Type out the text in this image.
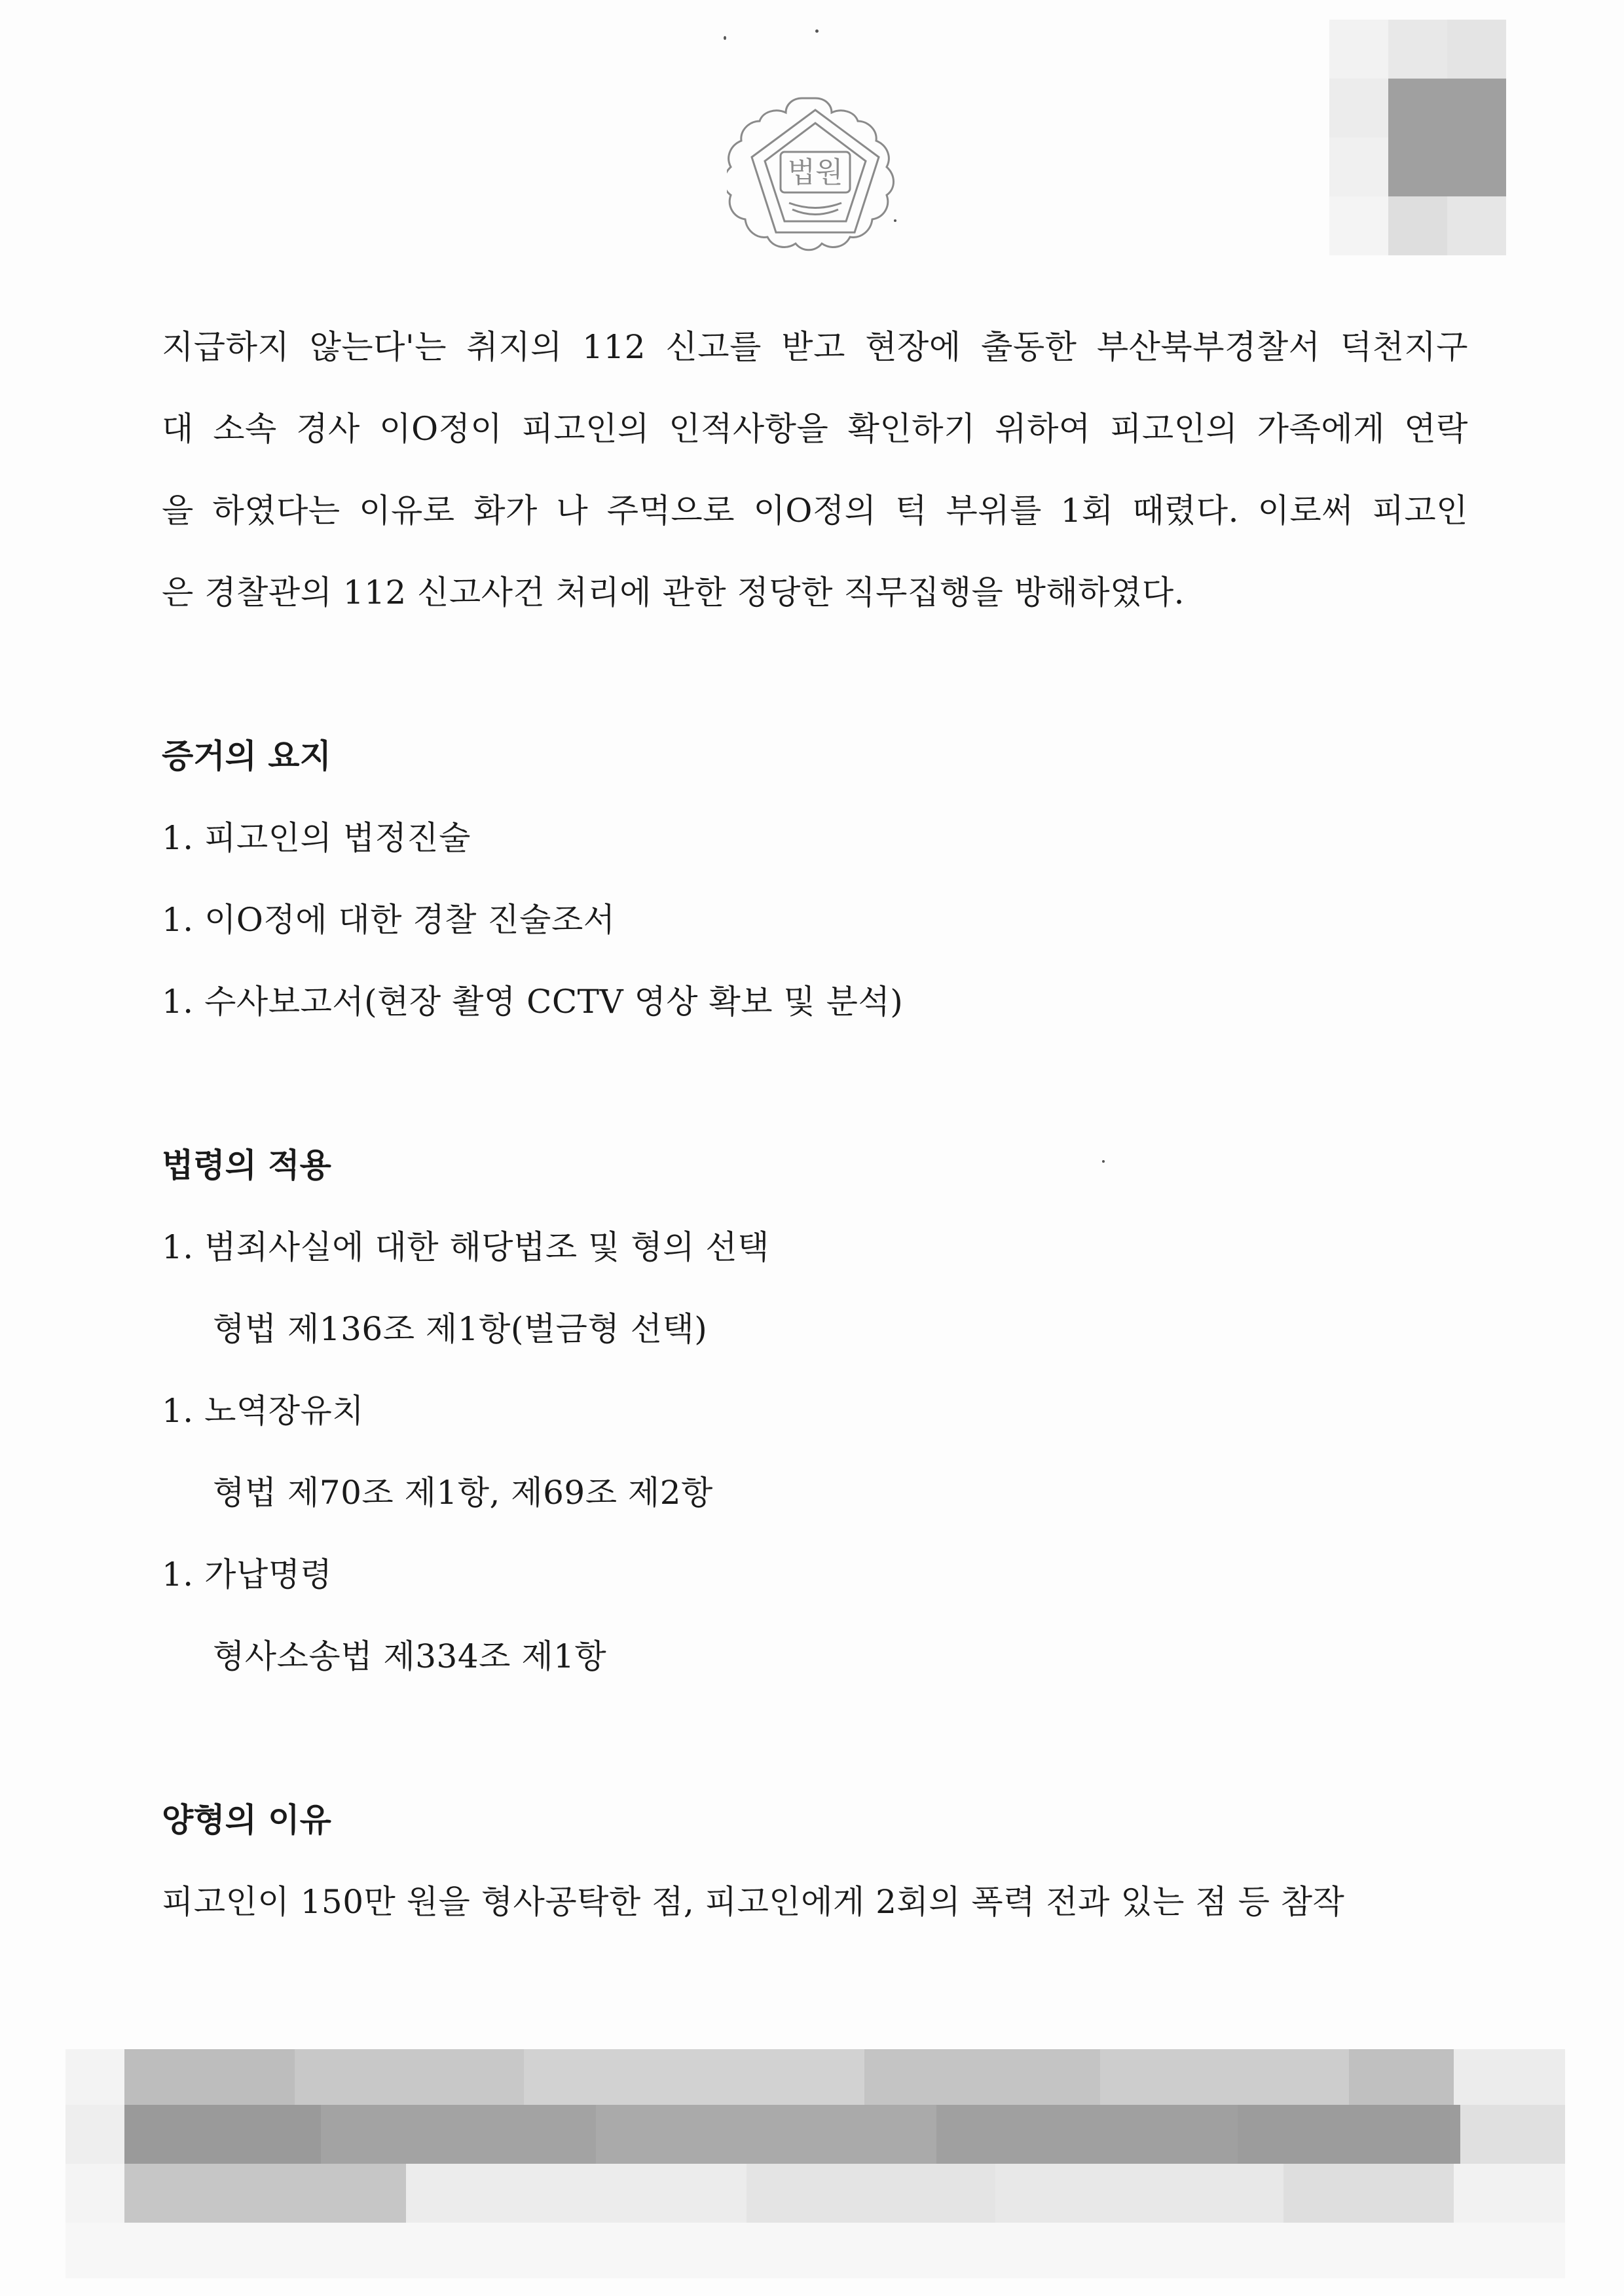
법원
지급하지 않는다'는 취지의 112 신고를 받고 현장에 출동한 부산북부경찰서 덕천지구
대 소속 경사 이O정이 피고인의 인적사항을 확인하기 위하여 피고인의 가족에게 연락
을 하였다는 이유로 화가 나 주먹으로 이O정의 턱 부위를 1회 때렸다. 이로써 피고인
은 경찰관의 112 신고사건 처리에 관한 정당한 직무집행을 방해하였다.
증거의 요지
1. 피고인의 법정진술
1. 이O정에 대한 경찰 진술조서
1. 수사보고서(현장 촬영 CCTV 영상 확보 및 분석)
법령의 적용
1. 범죄사실에 대한 해당법조 및 형의 선택
형법 제136조 제1항(벌금형 선택)
1. 노역장유치
형법 제70조 제1항, 제69조 제2항
1. 가납명령
형사소송법 제334조 제1항
양형의 이유
피고인이 150만 원을 형사공탁한 점, 피고인에게 2회의 폭력 전과 있는 점 등 참작
